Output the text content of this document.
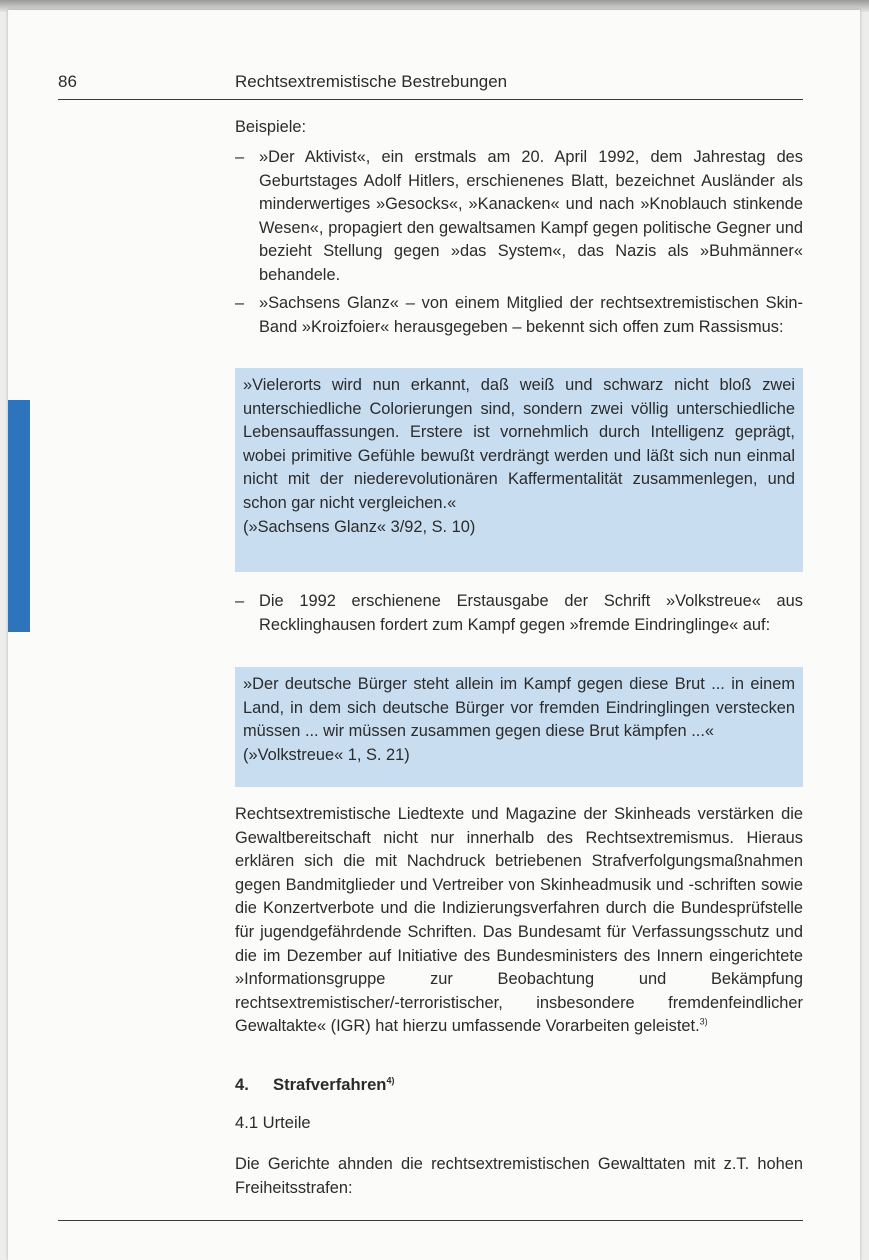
86	Rechtsextremistische Bestrebungen
Beispiele:
– »Der Aktivist«, ein erstmals am 20. April 1992, dem Jahrestag des Geburtstages Adolf Hitlers, erschienenes Blatt, bezeichnet Ausländer als minderwertiges »Gesocks«, »Kanacken« und nach »Knoblauch stinkende Wesen«, propagiert den gewaltsamen Kampf gegen politische Gegner und bezieht Stellung gegen »das System«, das Nazis als »Buhmänner« behandele.
– »Sachsens Glanz« – von einem Mitglied der rechtsextremistischen Skin-Band »Kroizfoier« herausgegeben – bekennt sich offen zum Rassismus:
»Vielerorts wird nun erkannt, daß weiß und schwarz nicht bloß zwei unterschiedliche Colorierungen sind, sondern zwei völlig unterschiedliche Lebensauffassungen. Erstere ist vornehmlich durch Intelligenz geprägt, wobei primitive Gefühle bewußt verdrängt werden und läßt sich nun einmal nicht mit der niederevolutionären Kaffermentalität zusammenlegen, und schon gar nicht vergleichen.«
(»Sachsens Glanz« 3/92, S. 10)
– Die 1992 erschienene Erstausgabe der Schrift »Volkstreue« aus Recklinghausen fordert zum Kampf gegen »fremde Eindringlinge« auf:
»Der deutsche Bürger steht allein im Kampf gegen diese Brut ... in einem Land, in dem sich deutsche Bürger vor fremden Eindringlingen verstecken müssen ... wir müssen zusammen gegen diese Brut kämpfen ...«
(»Volkstreue« 1, S. 21)
Rechtsextremistische Liedtexte und Magazine der Skinheads verstärken die Gewaltbereitschaft nicht nur innerhalb des Rechtsextremismus. Hieraus erklären sich die mit Nachdruck betriebenen Strafverfolgungsmaßnahmen gegen Bandmitglieder und Vertreiber von Skinheadmusik und -schriften sowie die Konzertverbote und die Indizierungsverfahren durch die Bundesprüfstelle für jugendgefährdende Schriften. Das Bundesamt für Verfassungsschutz und die im Dezember auf Initiative des Bundesministers des Innern eingerichtete »Informationsgruppe zur Beobachtung und Bekämpfung rechtsextremistischer/-terroristischer, insbesondere fremdenfeindlicher Gewaltakte« (IGR) hat hierzu umfassende Vorarbeiten geleistet.$^{3)}$
4. Strafverfahren$^{4)}$
4.1 Urteile
Die Gerichte ahnden die rechtsextremistischen Gewalttaten mit z.T. hohen Freiheitsstrafen:
